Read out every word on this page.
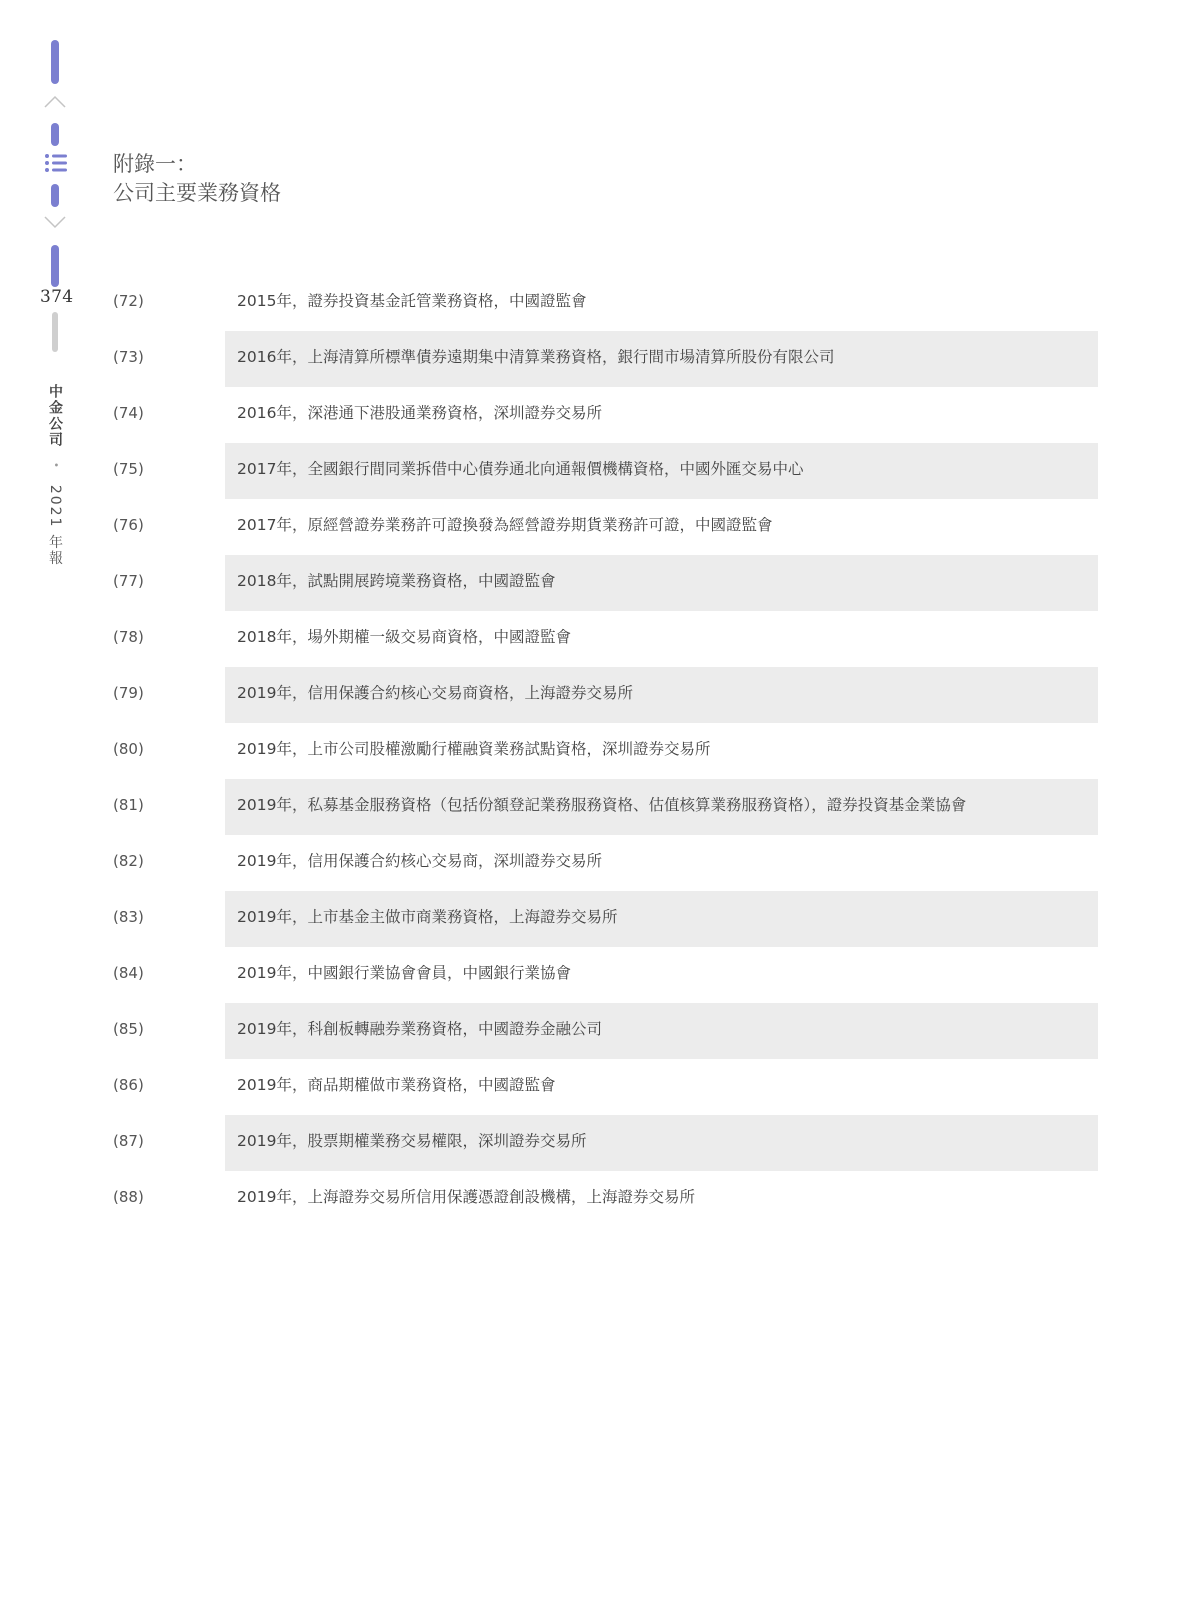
374
中金公司 • 2021 年報
附錄一：
公司主要業務資格
(72)	2015年，證券投資基金託管業務資格，中國證監會
(73)	2016年，上海清算所標準債券遠期集中清算業務資格，銀行間市場清算所股份有限公司
(74)	2016年，深港通下港股通業務資格，深圳證券交易所
(75)	2017年，全國銀行間同業拆借中心債券通北向通報價機構資格，中國外匯交易中心
(76)	2017年，原經營證券業務許可證換發為經營證券期貨業務許可證，中國證監會
(77)	2018年，試點開展跨境業務資格，中國證監會
(78)	2018年，場外期權一級交易商資格，中國證監會
(79)	2019年，信用保護合約核心交易商資格，上海證券交易所
(80)	2019年，上市公司股權激勵行權融資業務試點資格，深圳證券交易所
(81)	2019年，私募基金服務資格（包括份額登記業務服務資格、估值核算業務服務資格），證券投資基金業協會
(82)	2019年，信用保護合約核心交易商，深圳證券交易所
(83)	2019年，上市基金主做市商業務資格，上海證券交易所
(84)	2019年，中國銀行業協會會員，中國銀行業協會
(85)	2019年，科創板轉融券業務資格，中國證券金融公司
(86)	2019年，商品期權做市業務資格，中國證監會
(87)	2019年，股票期權業務交易權限，深圳證券交易所
(88)	2019年，上海證券交易所信用保護憑證創設機構，上海證券交易所
